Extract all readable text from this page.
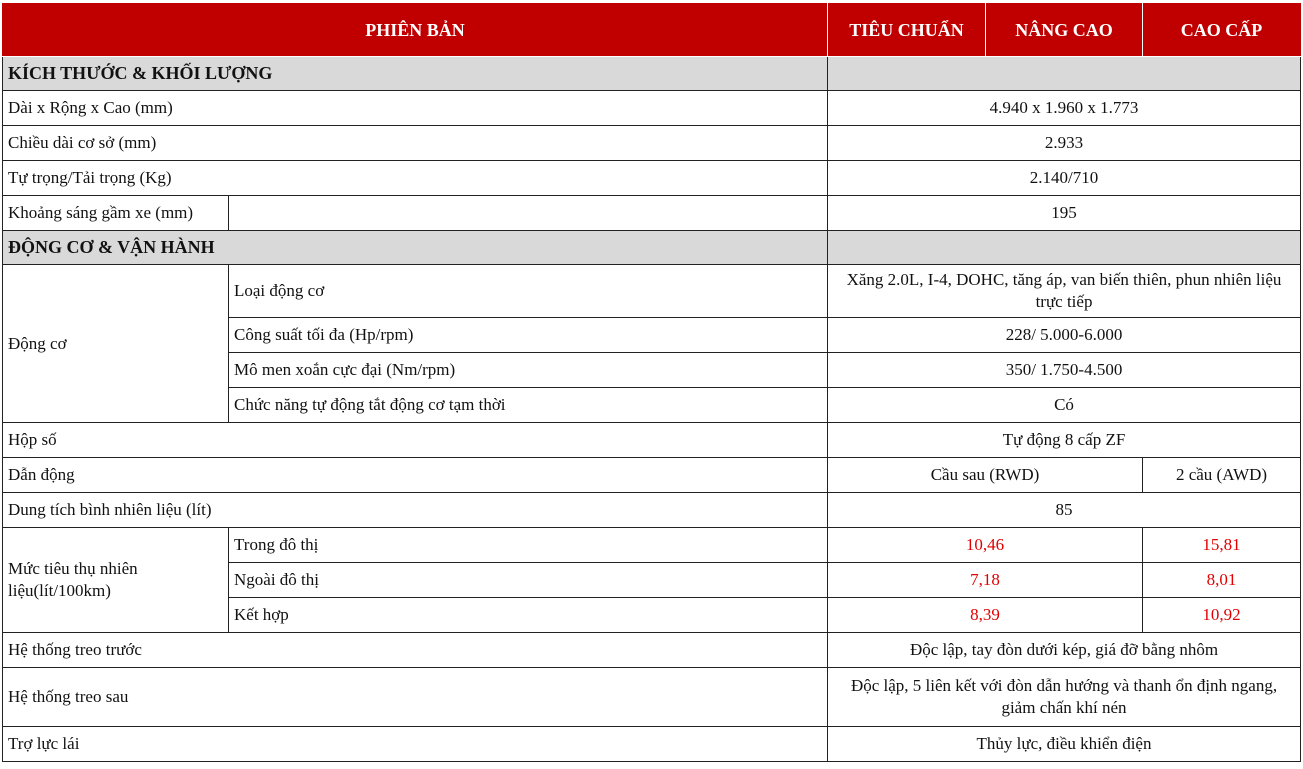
PHIÊN BẢN		TIÊU CHUẨN	NÂNG CAO	CAO CẤP
KÍCH THƯỚC & KHỐI LƯỢNG				
Dài x Rộng x Cao (mm)		4.940 x 1.960 x 1.773		
Chiều dài cơ sở (mm)		2.933		
Tự trọng/Tải trọng (Kg)		2.140/710		
Khoảng sáng gầm xe (mm)		195		
ĐỘNG CƠ & VẬN HÀNH				
Động cơ	Loại động cơ	Xăng 2.0L, I-4, DOHC, tăng áp, van biến thiên, phun nhiên liệu trực tiếp		
	Công suất tối đa (Hp/rpm)	228/ 5.000-6.000		
	Mô men xoắn cực đại (Nm/rpm)	350/ 1.750-4.500		
	Chức năng tự động tắt động cơ tạm thời	Có		
Hộp số		Tự động 8 cấp ZF		
Dẫn động		Cầu sau (RWD)		2 cầu (AWD)
Dung tích bình nhiên liệu (lít)		85		
Mức tiêu thụ nhiên liệu(lít/100km)	Trong đô thị	10,46		15,81
	Ngoài đô thị	7,18		8,01
	Kết hợp	8,39		10,92
Hệ thống treo trước		Độc lập, tay đòn dưới kép, giá đỡ bằng nhôm		
Hệ thống treo sau		Độc lập, 5 liên kết với đòn dẫn hướng và thanh ổn định ngang, giảm chấn khí nén		
Trợ lực lái		Thủy lực, điều khiển điện		
